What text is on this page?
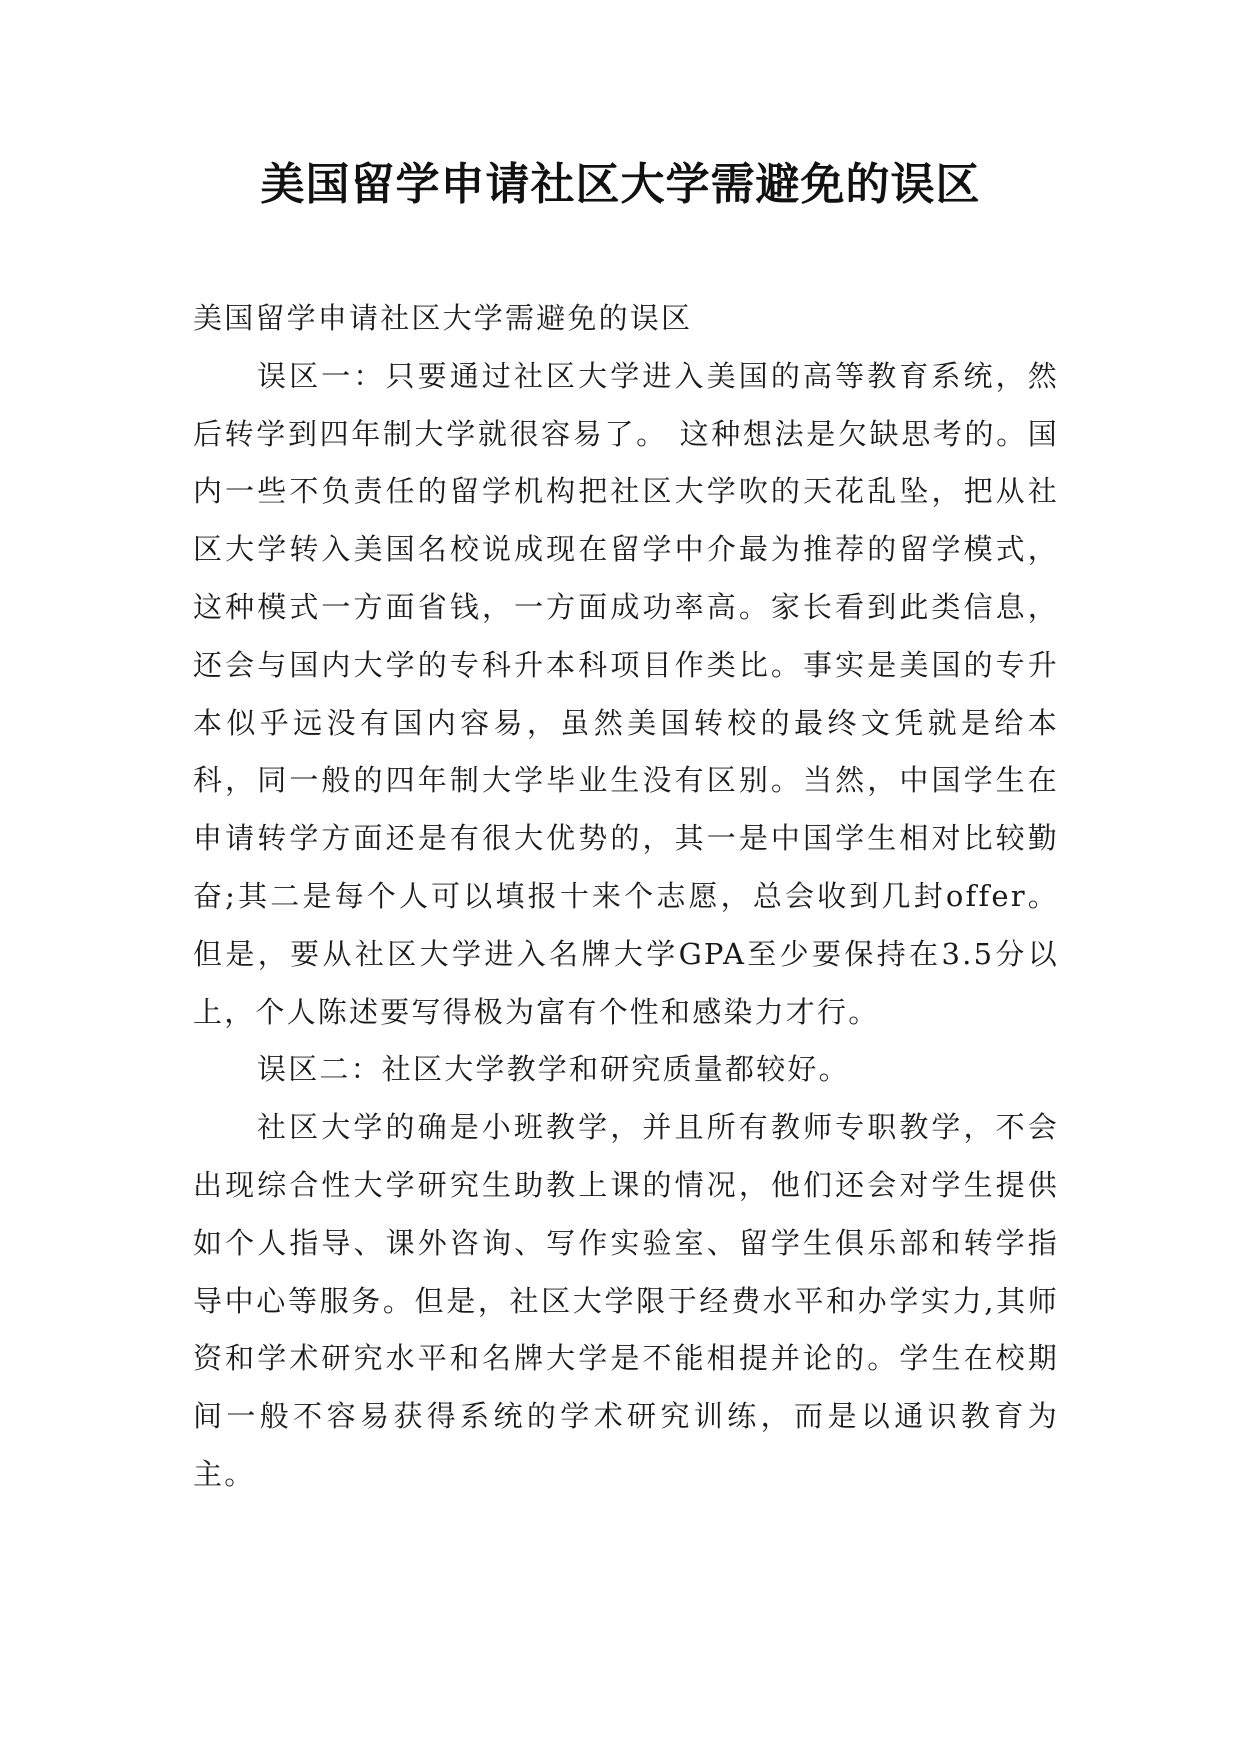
美国留学申请社区大学需避免的误区

美国留学申请社区大学需避免的误区

误区一：只要通过社区大学进入美国的高等教育系统，然后转学到四年制大学就很容易了。 这种想法是欠缺思考的。国内一些不负责任的留学机构把社区大学吹的天花乱坠，把从社区大学转入美国名校说成现在留学中介最为推荐的留学模式，这种模式一方面省钱，一方面成功率高。家长看到此类信息，还会与国内大学的专科升本科项目作类比。事实是美国的专升本似乎远没有国内容易，虽然美国转校的最终文凭就是给本科，同一般的四年制大学毕业生没有区别。当然，中国学生在申请转学方面还是有很大优势的，其一是中国学生相对比较勤奋;其二是每个人可以填报十来个志愿，总会收到几封offer。但是，要从社区大学进入名牌大学GPA至少要保持在3.5分以上，个人陈述要写得极为富有个性和感染力才行。

误区二：社区大学教学和研究质量都较好。

社区大学的确是小班教学，并且所有教师专职教学，不会出现综合性大学研究生助教上课的情况，他们还会对学生提供如个人指导、课外咨询、写作实验室、留学生俱乐部和转学指导中心等服务。但是，社区大学限于经费水平和办学实力,其师资和学术研究水平和名牌大学是不能相提并论的。学生在校期间一般不容易获得系统的学术研究训练，而是以通识教育为主。
